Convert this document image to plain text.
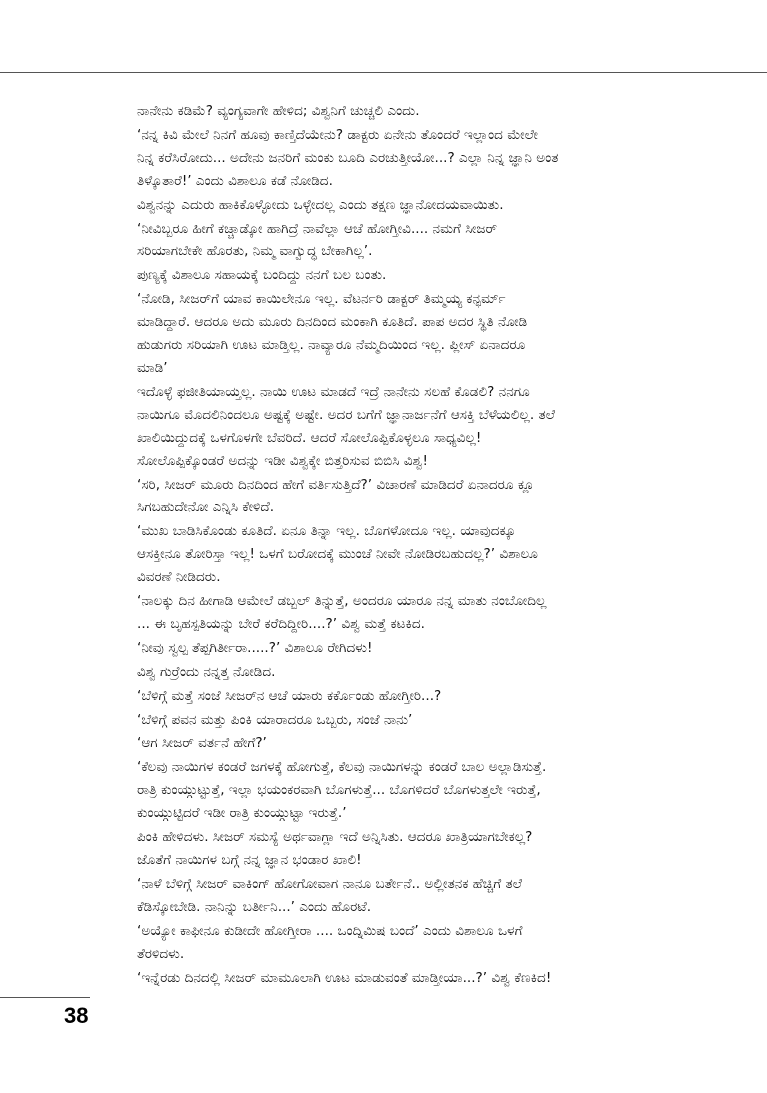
ನಾನೇನು ಕಡಿಮೆ? ವ್ಯಂಗ್ಯವಾಗೇ ಹೇಳಿದ; ವಿಶ್ವನಿಗೆ ಚುಚ್ಚಲಿ ಎಂದು.

‘ನನ್ನ ಕಿವಿ ಮೇಲೆ ನಿನಗೆ ಹೂವು ಕಾಣ್ತಿದೆಯೇನು? ಡಾಕ್ಟರು ಏನೇನು ತೊಂದರೆ ಇಲ್ಲಾಂದ ಮೇಲೇ
ನಿನ್ನ ಕರೆಸಿರೋದು... ಅದೇನು ಜನರಿಗೆ ಮಂಕು ಬೂದಿ ಎರಚುತ್ತೀಯೋ...? ಎಲ್ಲಾ ನಿನ್ನ ಜ್ಞಾನಿ ಅಂತ
ತಿಳ್ಕೊತಾರೆ!’ ಎಂದು ವಿಶಾಲೂ ಕಡೆ ನೋಡಿದ.

ವಿಶ್ವನನ್ನು ಎದುರು ಹಾಕಿಕೊಳ್ಳೋದು ಒಳ್ಳೇದಲ್ಲ ಎಂದು ತಕ್ಷಣ ಜ್ಞಾನೋದಯವಾಯಿತು.

‘ನೀವಿಬ್ಬರೂ ಹೀಗೆ ಕಚ್ಚಾಡ್ಕೋ ಹಾಗಿದ್ರೆ ನಾವೆಲ್ಲಾ ಆಚೆ ಹೋಗ್ತೀವಿ.... ನಮಗೆ ಸೀಜರ್
ಸರಿಯಾಗಬೇಕೇ ಹೊರತು, ನಿಮ್ಮ ವಾಗ್ವುದ್ಧ ಬೇಕಾಗಿಲ್ಲ’.

ಪುಣ್ಯಕ್ಕೆ ವಿಶಾಲೂ ಸಹಾಯಕ್ಕೆ ಬಂದಿದ್ದು ನನಗೆ ಬಲ ಬಂತು.

‘ನೋಡಿ, ಸೀಜರ್‌ಗೆ ಯಾವ ಕಾಯಿಲೇನೂ ಇಲ್ಲ. ವೆಟರ್ನರಿ ಡಾಕ್ಟರ್ ತಿಮ್ಮಯ್ಯ ಕನ್ಫರ್ಮ್
ಮಾಡಿದ್ದಾರೆ. ಆದರೂ ಅದು ಮೂರು ದಿನದಿಂದ ಮಂಕಾಗಿ ಕೂತಿದೆ. ಪಾಪ ಅದರ ಸ್ಥಿತಿ ನೋಡಿ
ಹುಡುಗರು ಸರಿಯಾಗಿ ಊಟ ಮಾಡ್ತಿಲ್ಲ. ನಾವ್ಯಾರೂ ನೆಮ್ಮದಿಯಿಂದ ಇಲ್ಲ. ಪ್ಲೀಸ್ ಏನಾದರೂ
ಮಾಡಿ’

ಇದೊಳ್ಳೆ ಫಜೀತಿಯಾಯ್ತಲ್ಲ. ನಾಯಿ ಊಟ ಮಾಡದೆ ಇದ್ರೆ ನಾನೇನು ಸಲಹೆ ಕೊಡಲಿ? ನನಗೂ
ನಾಯಿಗೂ ಮೊದಲಿನಿಂದಲೂ ಅಷ್ಟಕ್ಕೆ ಅಷ್ಟೇ. ಅದರ ಬಗೆಗೆ ಜ್ಞಾನಾರ್ಜನೆಗೆ ಆಸಕ್ತಿ ಬೆಳೆಯಲಿಲ್ಲ. ತಲೆ
ಖಾಲಿಯಿದ್ದುದಕ್ಕೆ ಒಳಗೊಳಗೇ ಬೆವರಿದೆ. ಆದರೆ ಸೋಲೊಪ್ಪಿಕೊಳ್ಳಲೂ ಸಾಧ್ಯವಿಲ್ಲ!
ಸೋಲೊಪ್ಪಿಕ್ಕೊಂಡರೆ ಅದನ್ನು ಇಡೀ ವಿಶ್ವಕ್ಕೇ ಬಿತ್ತರಿಸುವ ಬಿಬಿಸಿ ವಿಶ್ವ!

‘ಸರಿ, ಸೀಜರ್ ಮೂರು ದಿನದಿಂದ ಹೇಗೆ ವರ್ತಿಸುತ್ತಿದೆ?’ ವಿಚಾರಣೆ ಮಾಡಿದರೆ ಏನಾದರೂ ಕ್ಲೂ
ಸಿಗಬಹುದೇನೋ ಎನ್ನಿಸಿ ಕೇಳಿದೆ.

‘ಮುಖ ಬಾಡಿಸಿಕೊಂಡು ಕೂತಿದೆ. ಏನೂ ತಿನ್ನಾ ಇಲ್ಲ. ಬೊಗಳೋದೂ ಇಲ್ಲ. ಯಾವುದಕ್ಕೂ
ಆಸಕ್ತೀನೂ ತೋರಿಸ್ತಾ ಇಲ್ಲ! ಒಳಗೆ ಬರೋದಕ್ಕೆ ಮುಂಚೆ ನೀವೇ ನೋಡಿರಬಹುದಲ್ಲ?’ ವಿಶಾಲೂ
ವಿವರಣೆ ನೀಡಿದರು.

‘ನಾಲಕ್ಕು ದಿನ ಹೀಗಾಡಿ ಆಮೇಲೆ ಡಬ್ಬಲ್ ತಿನ್ನುತ್ತೆ, ಅಂದರೂ ಯಾರೂ ನನ್ನ ಮಾತು ನಂಬೋದಿಲ್ಲ
... ಈ ಬೃಹಸ್ಪತಿಯನ್ನು ಬೇರೆ ಕರೆದಿದ್ದೀರಿ....?’ ವಿಶ್ವ ಮತ್ತೆ ಕಟಕಿದ.

‘ನೀವು ಸ್ವಲ್ಪ ತೆಪ್ಪಗಿರ್ತೀರಾ.....?’ ವಿಶಾಲೂ ರೇಗಿದಳು!

ವಿಶ್ವ ಗುರ್ರೆಂದು ನನ್ನತ್ತ ನೋಡಿದ.

‘ಬೆಳಿಗ್ಗೆ ಮತ್ತೆ ಸಂಜೆ ಸೀಜರ್‌ನ ಆಚೆ ಯಾರು ಕರ್ಕೊಂಡು ಹೋಗ್ತೀರಿ...?

‘ಬೆಳಿಗ್ಗೆ ಪವನ ಮತ್ತು ಪಿಂಕಿ ಯಾರಾದರೂ ಒಬ್ಬರು, ಸಂಜೆ ನಾನು’

‘ಆಗ ಸೀಜರ್ ವರ್ತನೆ ಹೇಗೆ?’

‘ಕೆಲವು ನಾಯಿಗಳ ಕಂಡರೆ ಜಗಳಕ್ಕೆ ಹೋಗುತ್ತೆ, ಕೆಲವು ನಾಯಿಗಳನ್ನು ಕಂಡರೆ ಬಾಲ ಅಲ್ಲಾಡಿಸುತ್ತೆ.
ರಾತ್ರಿ ಕುಂಯ್ಗುಟ್ಟುತ್ತೆ, ಇಲ್ಲಾ ಭಯಂಕರವಾಗಿ ಬೊಗಳುತ್ತೆ... ಬೊಗಳಿದರೆ ಬೊಗಳುತ್ತಲೇ ಇರುತ್ತೆ,
ಕುಂಯ್ಗುಟ್ಟಿದರೆ ಇಡೀ ರಾತ್ರಿ ಕುಂಯ್ಗುಟ್ಟಾ ಇರುತ್ತೆ.’

ಪಿಂಕಿ ಹೇಳಿದಳು. ಸೀಜರ್ ಸಮಸ್ಯೆ ಅರ್ಥವಾಗ್ಲಾ ಇದೆ ಅನ್ನಿಸಿತು. ಆದರೂ ಖಾತ್ರಿಯಾಗಬೇಕಲ್ಲ?
ಜೊತೆಗೆ ನಾಯಿಗಳ ಬಗ್ಗೆ ನನ್ನ ಜ್ಞಾನ ಭಂಡಾರ ಖಾಲಿ!

‘ನಾಳೆ ಬೆಳಿಗ್ಗೆ ಸೀಜರ್ ವಾಕಿಂಗ್ ಹೋಗೋವಾಗ ನಾನೂ ಬರ್ತೇನೆ.. ಅಲ್ಲೀತನಕ ಹೆಚ್ಚಿಗೆ ತಲೆ
ಕೆಡಿಸ್ಕೋಬೇಡಿ. ನಾನಿನ್ನು ಬರ್ತೀನಿ...’ ಎಂದು ಹೊರಟೆ.

‘ಅಯ್ಯೋ ಕಾಫೀನೂ ಕುಡೀದೇ ಹೋಗ್ತೀರಾ .... ಒಂದ್ನಿಮಿಷ ಬಂದೆ’ ಎಂದು ವಿಶಾಲೂ ಒಳಗೆ
ತೆರಳಿದಳು.

‘ಇನ್ನೆರಡು ದಿನದಲ್ಲಿ ಸೀಜರ್ ಮಾಮೂಲಾಗಿ ಊಟ ಮಾಡುವಂತೆ ಮಾಡ್ತೀಯಾ...?’ ವಿಶ್ವ ಕೆಣಕಿದ!

38
